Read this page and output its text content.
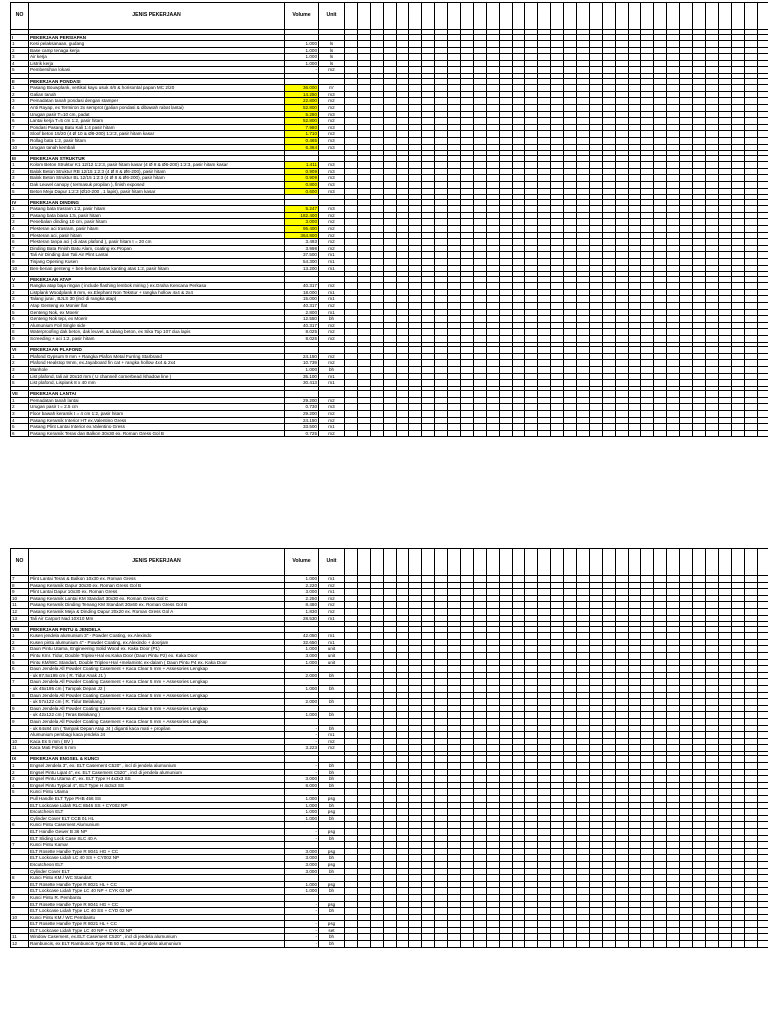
NO	JENIS PEKERJAAN	Volume	Unit																																		

I	PEKERJAAN PERSIAPAN																																				
1	Kesi pelaksanaan, gudang	1.000	ls																																		
2	Base camp tenaga kerja	1.000	ls																																		
3	Air kerja	1.000	ls																																		
4	Listrik kerja	1.000	ls																																		
5	Pembersihan lokasi	-	m2																																		

II	PEKERJAAN PONDASI																																				
1	Pasang Bouwplank, vertikal kayu usuk 4/6 & horisontal papan MC 2/20	36.000	m'																																		
2	Galian tanah	14.250	m3																																		
3	Pemadatan tanah pondasi dengan stamper	22.800	m2																																		
4	Anti Rayap, ex Termiron 2x semprot (galian pondasi & dibawah rabat lantai)	52.800	m2																																		
5	Urugan pasir T=10 cm, padat	5.280	m3																																		
6	Lantai kerja T=5 cm 1:2, pasir hitam	52.800	m2																																		
7	Pondasi Pasang Batu Kali 1:4 pasir hitam	7.980	m3																																		
8	Sloof beton 15/20 (4 Ø 10 & Ø8-200) 1:2:3, pasir hitam kasar	1.710	m3																																		
9	Rollag bata 1:2, pasir hitam	0.465	m3																																		
10	Urugan tanah kembali	6.384	m3																																		

III	PEKERJAAN STRUKTUR																																				
1	Kolom Beton Struktur K1 12/12 1:2:3, pasir hitam kasar (4 Ø 8 & Ø6-200) 1:2:3, pasir hitam kasar	1.411	m3																																		
2	Balok Beton Struktur RB 12/15 1:2:3 (4 Ø 8 & Ø6-200), pasir hitam	0.909	m3																																		
3	Balok Beton Struktur BL 12/15 1:2:3 (4 Ø 8 & Ø6-200), pasir hitam	0.909	m3																																		
4	Dak Leuvel canopy ( termasuk propilan ), finish exposed	0.800	m3																																		
5	Beton Meja Dapur 1:2:3 (Ø10-200 , 1 lapis), pasir hitam kasar	0.600	m3																																		

IV	PEKERJAAN DINDING																																				
1	Pasang bata trasram 1:2, pasir hitam	5.247	m3																																		
2	Pasang bata biasa 1:5, pasir hitam	182.400	m2																																		
3	Penebalan dinding 10 cm, pasir hitam	3.000	m2																																		
4	Plesteran aci trasram, pasir hitam	95.400	m2																																		
5	Plesteran aci, pasir hitam	364.800	m2																																		
6	Plesteran tanpa aci ( di atas plafond ), pasir hitam t = 20 cm	3.493	m2																																		
7	Dinding Bata Finish Batu Alam, coating ex.Propan	3.998	m2																																		
8	Tali Air Dinding dan Tali Air Plint Lantai	37.500	m1																																		
9	Tinjang Opening Kusen	54.300	m1																																		
10	Ben-benan genteng + ben-benan batas kanting atas 1:2, pasir hitam	13.200	m1																																		

V	PEKERJAAN ATAP																																				
1	Rangka atap baja ringan ( include flashing lembok miring ) ex.Graha Kencana Perkasa	40.317	m2																																		
2	Listplank Woodplank 8 mm, ex.Elephant Non Tekstur + rangka hollow 4x4 & 2x4	18.000	m1																																		
3	Talang jurai , BJLS 30 (incl di rangka atap)	15.000	m1																																		
4	Atap Genteng ex Monier flat	40.317	m2																																		
5	Genteng Nok, ex Moerir	2.800	m1																																		
6	Genteng Nok tepi, ex Moerir	12.550	bh																																		
7	Alumunium Foil Single side	40.317	m2																																		
8	Waterproofing dak beton, dak leuvel, & talang beton, ex Sika Top 107 dua lapis	8.025	m2																																		
9	Screeding + aci 1:2, pasir hitam	8.025	m2																																		

VI	PEKERJAAN PLAFOND																																				
1	Plafond Gypsum 9 mm + Rangka Plafon Metal Furring Starbrand	24.150	m2																																		
2	Plafond Healstop 9mm, ex.Jayaboard fin cat + rangka hollow 4x4 & 2x4	10.739	m2																																		
3	Manhole	1.000	bh																																		
4	List plafond, tali air 20x10 mm ( U channel/ cornerbead /shadow line )	35.100	m1																																		
5	List plafond, Lisplank 8 x 40 mm	30.413	m1																																		

VII	PEKERJAAN LANTAI																																				
1	Pemadatan tanah lantai	29.200	m2																																		
2	Urugan pasir t = 2.5 cm	0.730	m3																																		
3	Floor bawah keramik t = 4 cm 1:2, pasir hitam	29.200	m2																																		
4	Pasang Keramik Interior HT ex.Valentino Gress	24.150	m2																																		
5	Pasang Plint Lantai Interior ex.Valentino Gress	33.500	m1																																		
6	Pasang Keramik Teras dan Balkon 30x30 ex. Roman Gress Gol B	0.725	m2																																		
NO	JENIS PEKERJAAN	Volume	Unit																																		
7	Plint Lantai Teras & Balkon 10x30 ex. Roman Gress	1.000	m1																																		
8	Pasang Keramik Dapur 30x30 ex. Roman Gress Gol B	2.220	m2																																		
9	Plint Lantai Dapur 10x30 ex. Roman Gress	3.000	m1																																		
10	Pasang Keramik Lantai KM Standart 30x30 ex. Roman Gress Gol C	2.250	m2																																		
11	Pasang Keramik Dinding Tenang KM Standart 30x60 ex. Roman Gress Gol B	8.480	m2																																		
12	Pasang Keramik Meja & Dinding Dapur 20x20 ex. Roman Gress Gol A	1.830	m2																																		
13	Tali Air Carport Nad 10X10 Mm	28.530	m1																																		

VIII	PEKERJAAN PINTU & JENDELA																																				
1	Kusen jendela alumunium 3" - Powder Coating, ex.Alexindo	42.050	m1																																		
2	Kusen pintu alumunium 4" - Powder Coating, ex.Alexindo + doorjam	32.650	m1																																		
3	Daun Pintu Utama, Engineering Solid Wood ex. Kaka Door (P1)	1.000	unit																																		
4	Pintu Kmr. Tidur, Double Triplex+Hal ex.Kaka Door (Daun Pintu P2) ex. Kaka Door	3.000	unit																																		
5	Pintu KM/WC Standart, Double Triplex+Hal +melamintc ex-dalam ( Daun Pintu P4 ex. Kaka Door	1.000	unit																																		
6	Daun Jendela All Powder Coating Casement + Kaca Clear 5 mm + Assesories Lengkap																																				
	- uk 87,5x195 cm ( R. Tidur Anak J1 )	2.000	bh																																		
7	Daun Jendela All Powder Coating Casement + Kaca Clear 5 mm + Assesories Lengkap																																				
	- uk 45x195 cm ( Tampak Depan J2 )	1.000	bh																																		
8	Daun Jendela All Powder Coating Casement + Kaca Clear 5 mm + Assesories Lengkap																																				
	- uk 57x122 cm ( R. Tidur Belakang )	2.000	bh																																		
9	Daun Jendela All Powder Coating Casement + Kaca Clear 5 mm + Assesories Lengkap																																				
	- uk 42x122 cm ( Teras Belakang )	1.000	bh																																		
9	Daun Jendela All Powder Coating Casement + Kaca Clear 5 mm + Assesories Lengkap																																				
	- uk 64x84 cm ( Tampak Depan Atap J4 ) diganti kaca mati + propilan	-	bh																																		
	Alumunium pembagi kaca jendela J4	-	m1																																		
10	Kaca Es 5 mm ( BV )	-	m2																																		
11	Kaca Mati Polos 5 mm	3.223	m2																																		

IX	PEKERJAAN ENGSEL & KUNCI																																				
1	Engsel Jendela 3", ex. ELT Casement C520" , incl di jendela alumunium	-	bh																																		
2	Engsel Pintu Lipat 4", ex. ELT Casement C520" , incl di jendela alumunium	-	bh																																		
3	Engsel Pintu Utama 4", ex. ELT Type H 4x3x3 SS	3.000	bh																																		
4	Engsel Pintu Typical 4", ELT Type H 4x3x3 SS	8.000	bh																																		
5	Kunci Pintu Utama																																				
	Pull Handle ELT Type PHB 456 SS	1.000	psg																																		
	ELT Lockcase Lidah RLC 8545 SS + CY002 NP	1.000	bh																																		
	Escutcheon ELT	1.000	psg																																		
	Cylinder Cover ELT CCB 01 HL	1.000	bh																																		
6	Kunci Pintu Casement Alumunium																																				
	ELT Handle Gewer B 36 NP	-	psg																																		
	ELT Sliding Lock Case SLC 40 A	-	bh																																		
7	Kunci Pintu Kamar																																				
	ELT Rosette Handle Type R 8041 HG + CC	3.000	psg																																		
	ELT Lockcase Lidah LC 40 SS + CY002 NP	3.000	bh																																		
	Escutcheon ELT	3.000	psg																																		
	Cylinder Cover ELT	3.000	bh																																		
8	Kunci Pintu KM / WC Standart																																				
	ELT Rosette Handle Type R 8021 HL + CC	1.000	psg																																		
	ELT Lockcase Lidah Type LC 40 NP + CYK 02 NP	1.000	bh																																		
9	Kunci Pintu R. Pembantu																																				
	ELT Rosette Handle Type R 8041 HG + CC	-	psg																																		
	ELT Lockcase Lidah Type LC 40 SS + CYD 02 NP	-	bh																																		
10	Kunci Pintu KM / WC Pembantu																																				
	ELT Rosette Handle Type R 8021 HL + CC	-	psg																																		
	ELT Lockcase Lidah Type LC 40 NP + CYK 02 NP	-	set																																		
11	Window Casement, ex.ELT Casement C520" , incl di jendela alumunium	-	bh																																		
12	Rambuncis, ex ELT Rambuncis Type RB 50 BL , incl di jendela alumunium	-	bh																																		
